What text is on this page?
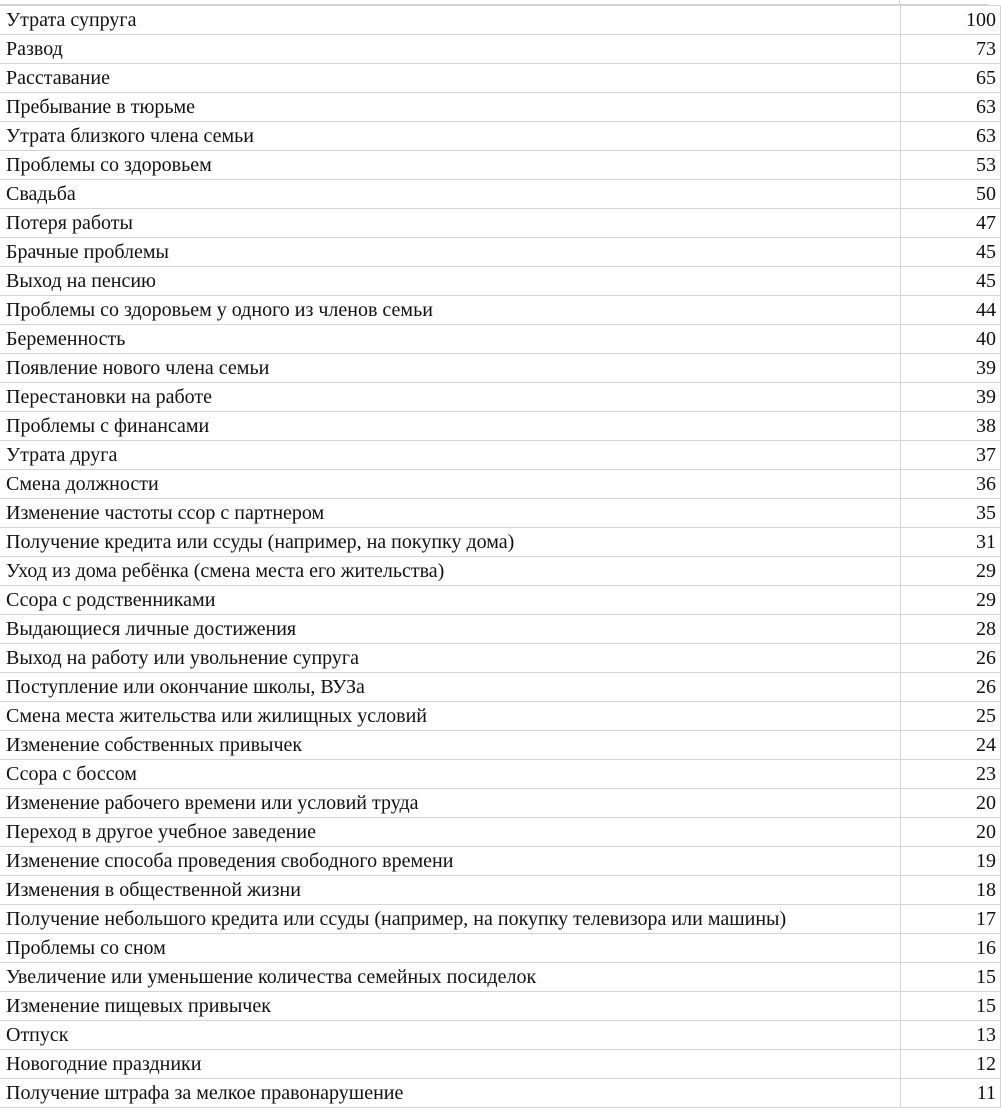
Утрата супруга	100
Развод	73
Расставание	65
Пребывание в тюрьме	63
Утрата близкого члена семьи	63
Проблемы со здоровьем	53
Свадьба	50
Потеря работы	47
Брачные проблемы	45
Выход на пенсию	45
Проблемы со здоровьем у одного из членов семьи	44
Беременность	40
Появление нового члена семьи	39
Перестановки на работе	39
Проблемы с финансами	38
Утрата друга	37
Смена должности	36
Изменение частоты ссор с партнером	35
Получение кредита или ссуды (например, на покупку дома)	31
Уход из дома ребёнка (смена места его жительства)	29
Ссора с родственниками	29
Выдающиеся личные достижения	28
Выход на работу или увольнение супруга	26
Поступление или окончание школы, ВУЗа	26
Смена места жительства или жилищных условий	25
Изменение собственных привычек	24
Ссора с боссом	23
Изменение рабочего времени или условий труда	20
Переход в другое учебное заведение	20
Изменение способа проведения свободного времени	19
Изменения в общественной жизни	18
Получение небольшого кредита или ссуды (например, на покупку телевизора или машины)	17
Проблемы со сном	16
Увеличение или уменьшение количества семейных посиделок	15
Изменение пищевых привычек	15
Отпуск	13
Новогодние праздники	12
Получение штрафа за мелкое правонарушение	11
